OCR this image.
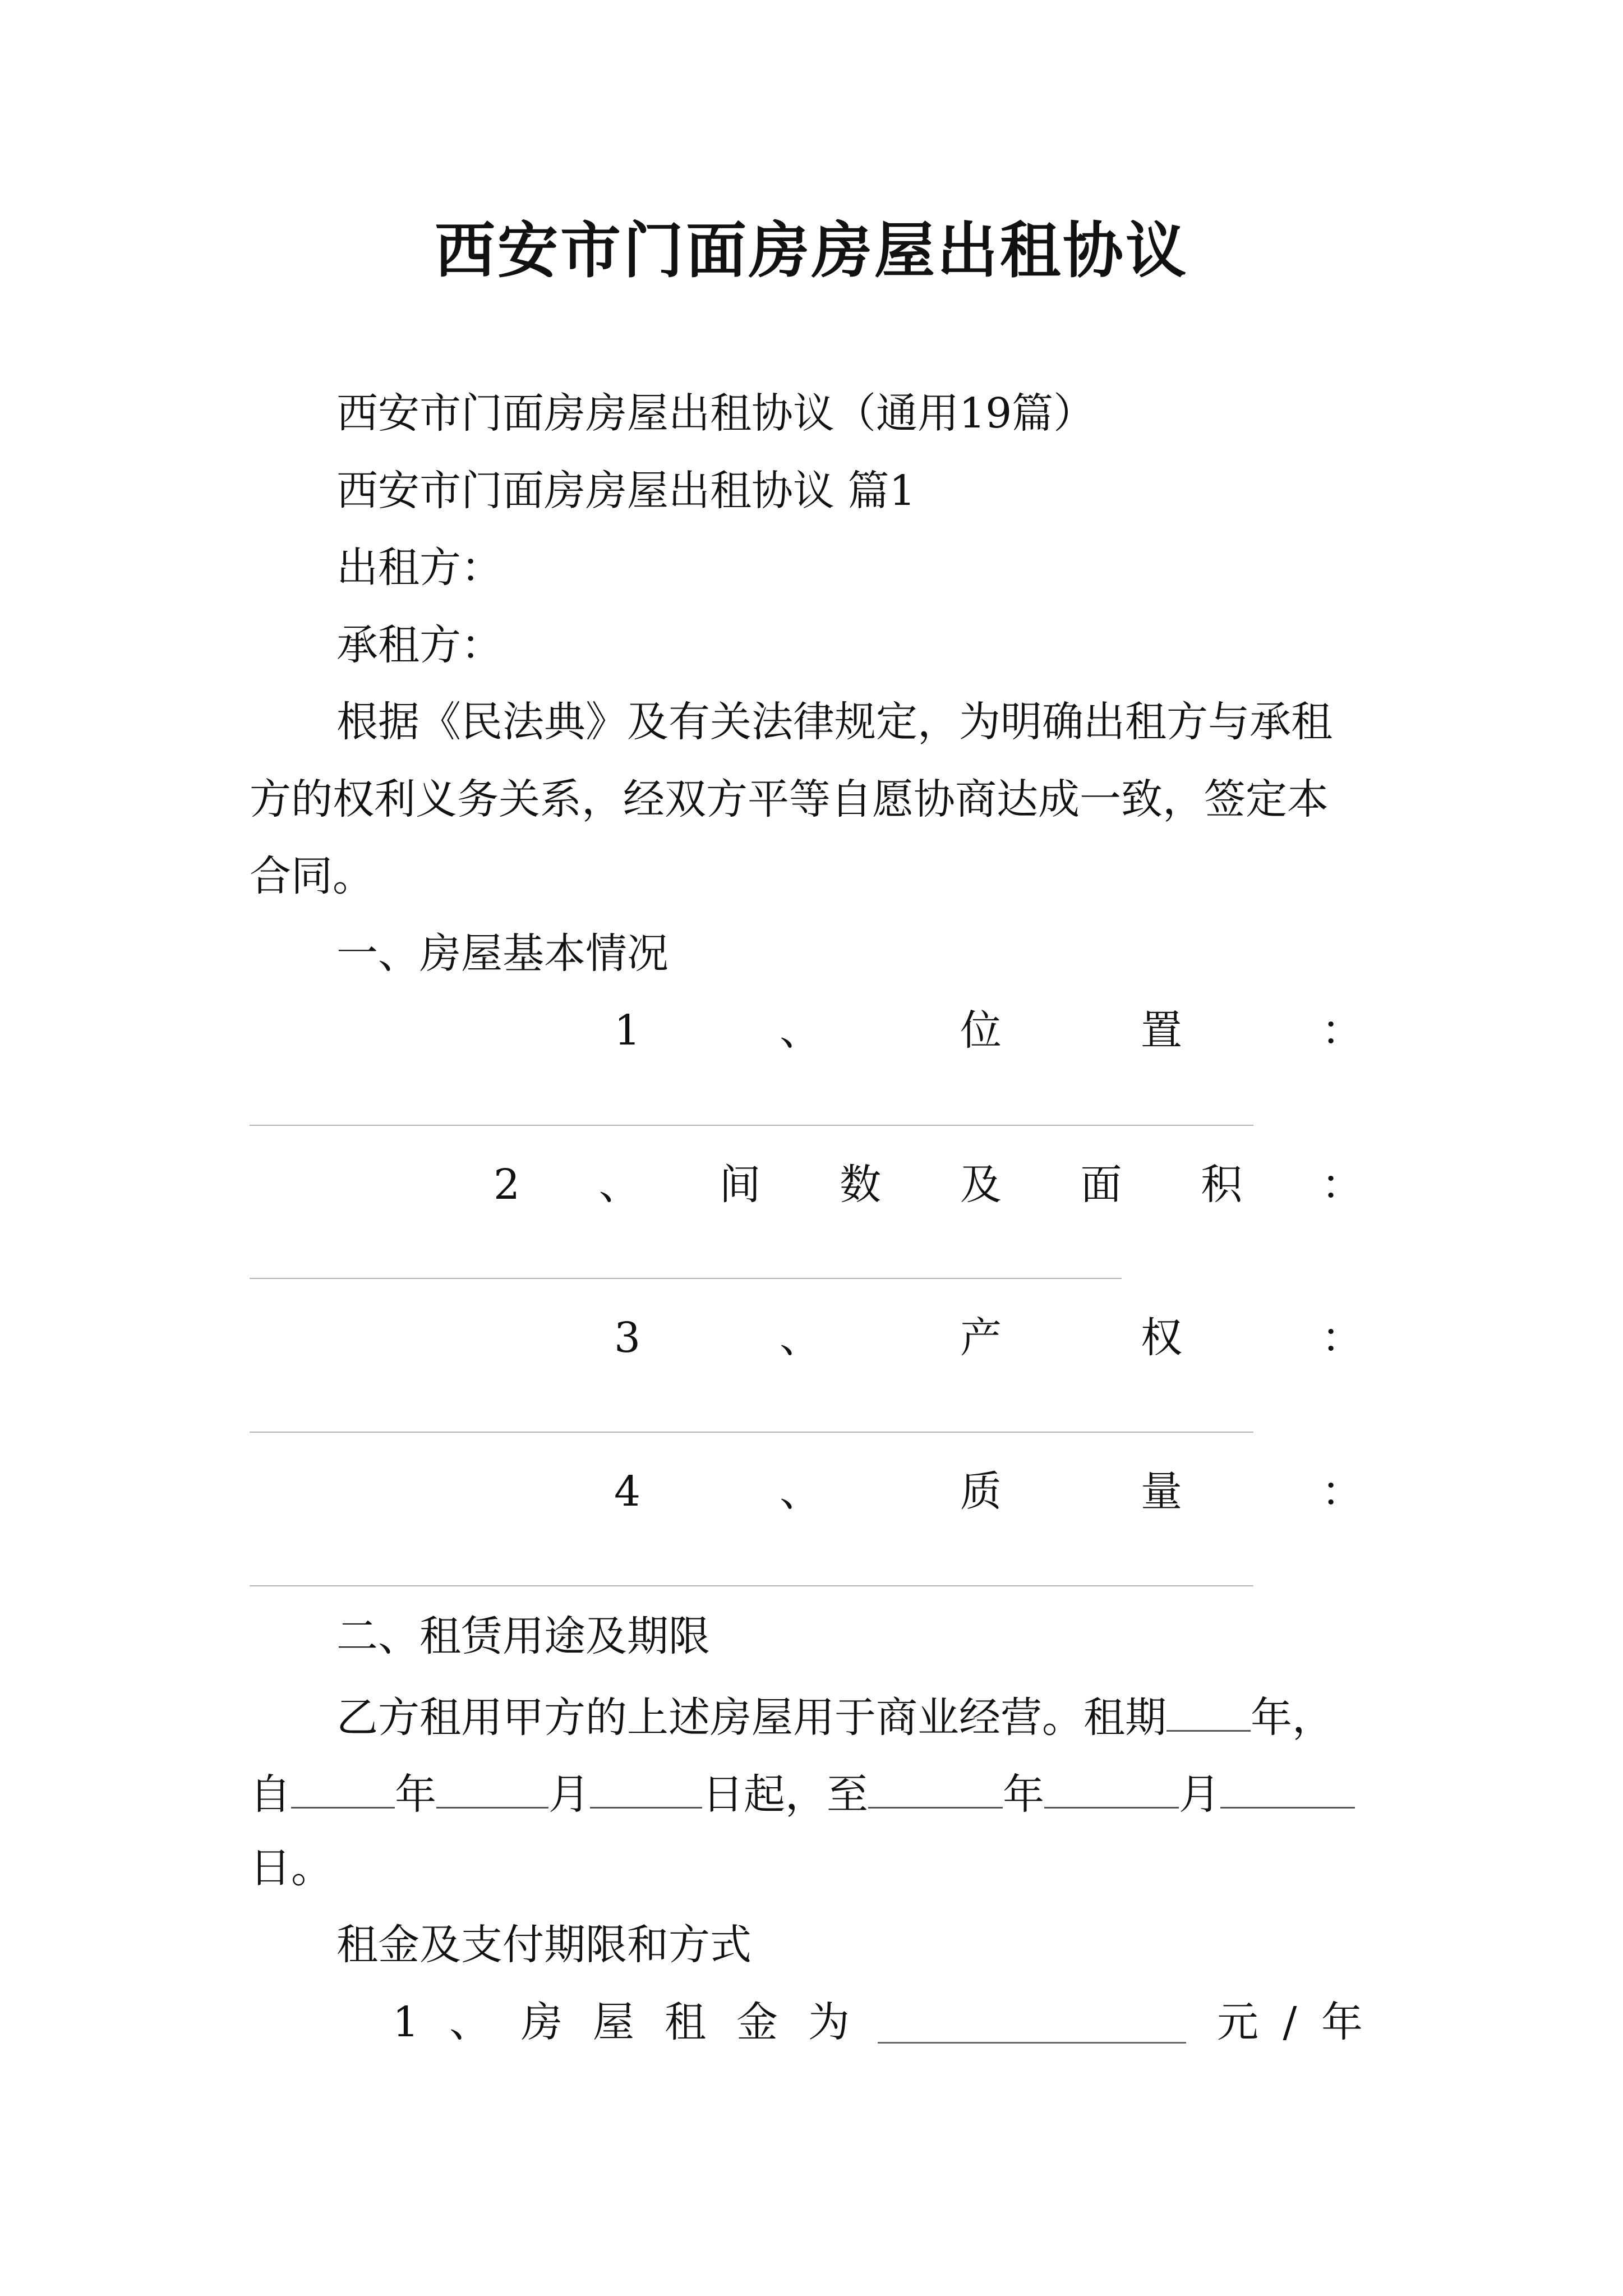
西安市门面房房屋出租协议
西安市门面房房屋出租协议（通用19篇）
西安市门面房房屋出租协议 篇1
出租方：
承租方：
根据《民法典》及有关法律规定，为明确出租方与承租
方的权利义务关系，经双方平等自愿协商达成一致，签定本
合同。
一、房屋基本情况
1	、	位	置	：
2 、 间 数 及 面 积 ：
3	、	产	权	：
4	、	质	量	：
二、租赁用途及期限
乙方租用甲方的上述房屋用于商业经营。租期 年，
自	年	月	日起，至	年	月
日。
租金及支付期限和方式
1 、 房 屋 租 金 为	元 / 年
